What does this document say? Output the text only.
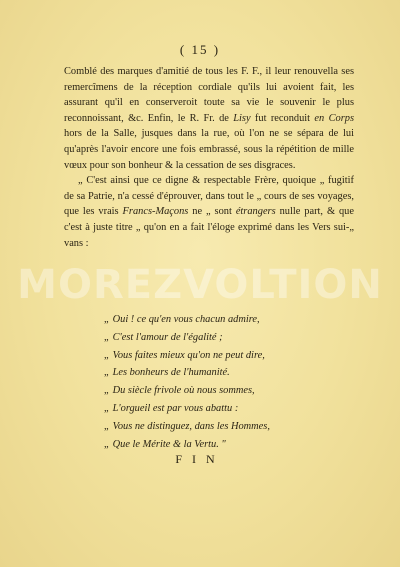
MOREZVOLTION
( 15 )

Comblé des marques d'amitié de tous les F. F., il leur renouvella ses remercîmens de la réception cordiale qu'ils lui avoient fait, les assurant qu'il en conserveroit toute sa vie le souvenir le plus reconnoissant, &c. Enfin, le R. Fr. de Lisy fut reconduit en Corps hors de la Salle, jusques dans la rue, où l'on ne se sépara de lui qu'après l'avoir encore une fois embrassé, sous la répétition de mille vœux pour son bonheur & la cessation de ses disgraces.

„ C'est ainsi que ce digne & respectable Frère, quoique „ fugitif de sa Patrie, n'a cessé d'éprouver, dans tout le „ cours de ses voyages, que les vrais Francs-Maçons ne „ sont étrangers nulle part, & que c'est à juste titre „ qu'on en a fait l'éloge exprimé dans les Vers sui-„ vans :

„ Oui ! ce qu'en vous chacun admire,
„ C'est l'amour de l'égalité ;
„ Vous faites mieux qu'on ne peut dire,
„ Les bonheurs de l'humanité.
„ Du siècle frivole où nous sommes,
„ L'orgueil est par vous abattu :
„ Vous ne distinguez, dans les Hommes,
„ Que le Mérite & la Vertu. "
FIN
